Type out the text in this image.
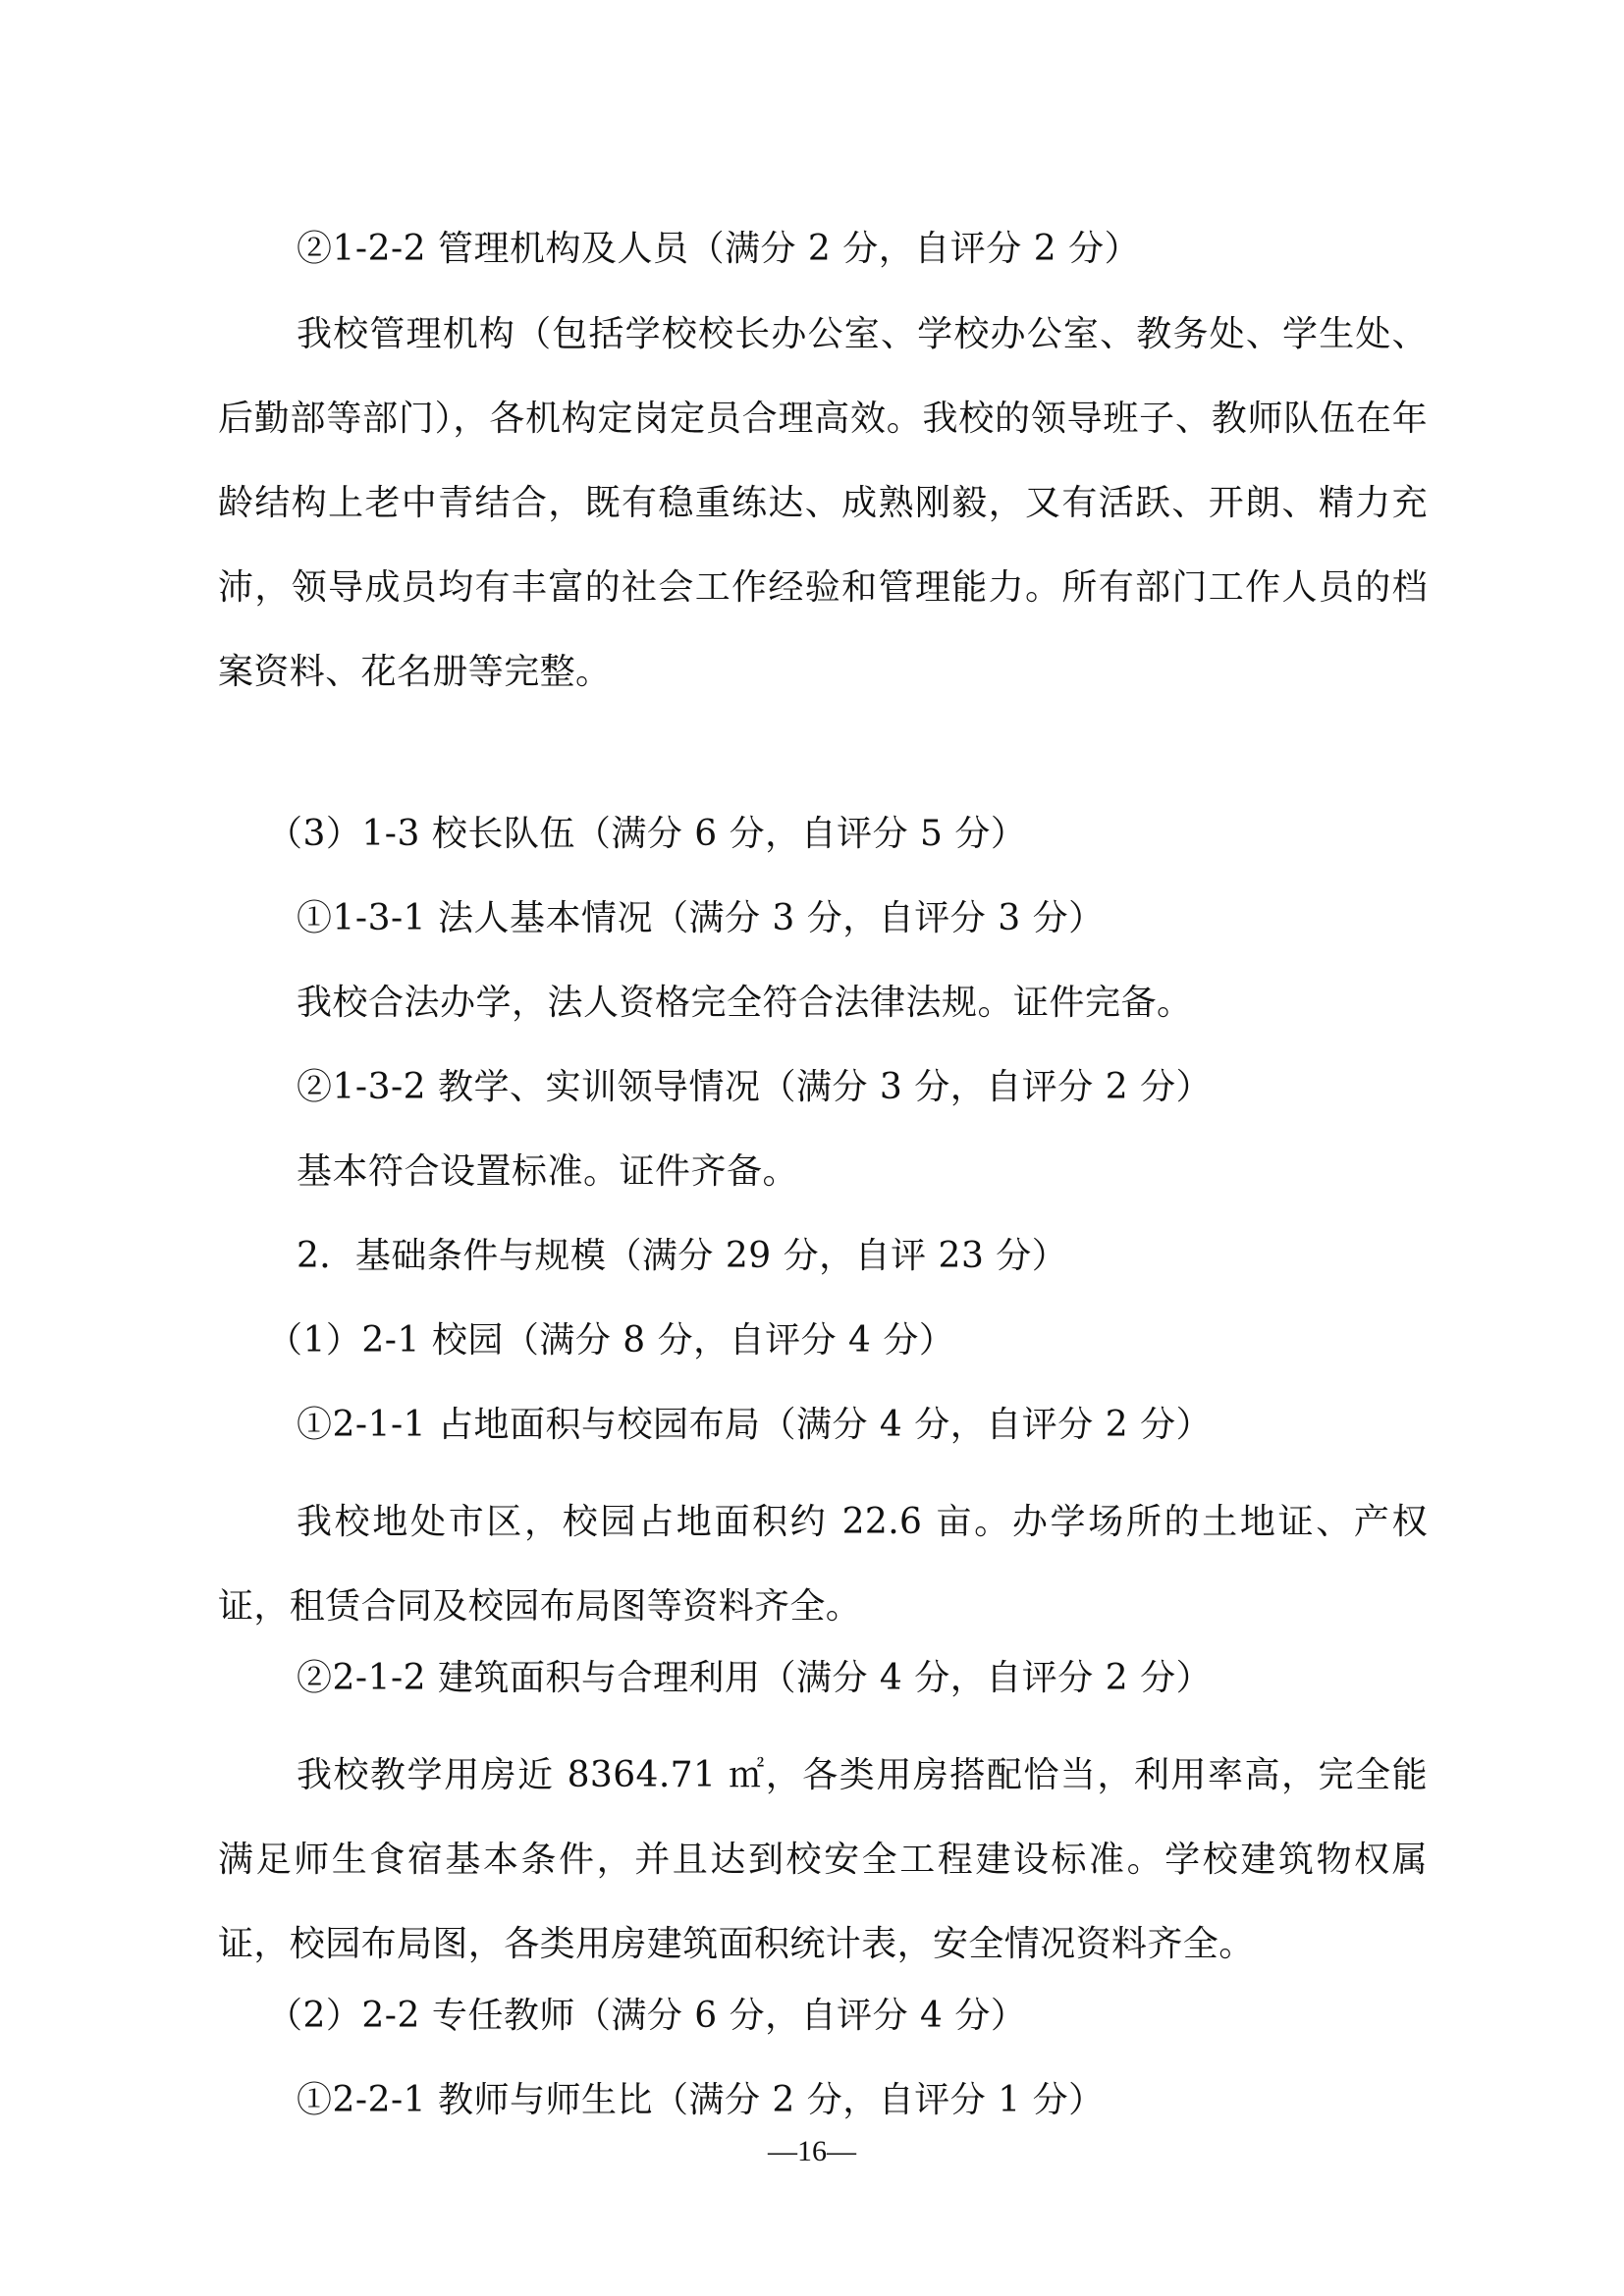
②1-2-2 管理机构及人员（满分 2 分，自评分 2 分）
我校管理机构（包括学校校长办公室、学校办公室、教务处、学生处、后勤部等部门），各机构定岗定员合理高效。我校的领导班子、教师队伍在年龄结构上老中青结合，既有稳重练达、成熟刚毅，又有活跃、开朗、精力充沛，领导成员均有丰富的社会工作经验和管理能力。所有部门工作人员的档案资料、花名册等完整。
（3）1-3 校长队伍（满分 6 分，自评分 5 分）
①1-3-1 法人基本情况（满分 3 分，自评分 3 分）
我校合法办学，法人资格完全符合法律法规。证件完备。
②1-3-2 教学、实训领导情况（满分 3 分，自评分 2 分）
基本符合设置标准。证件齐备。
2．基础条件与规模（满分 29 分，自评 23 分）
（1）2-1 校园（满分 8 分，自评分 4 分）
①2-1-1 占地面积与校园布局（满分 4 分，自评分 2 分）
我校地处市区，校园占地面积约 22.6 亩。办学场所的土地证、产权证，租赁合同及校园布局图等资料齐全。
②2-1-2 建筑面积与合理利用（满分 4 分，自评分 2 分）
我校教学用房近 8364.71 ㎡，各类用房搭配恰当，利用率高，完全能满足师生食宿基本条件，并且达到校安全工程建设标准。学校建筑物权属证，校园布局图，各类用房建筑面积统计表，安全情况资料齐全。
（2）2-2 专任教师（满分 6 分，自评分 4 分）
①2-2-1 教师与师生比（满分 2 分，自评分 1 分）
—16—
